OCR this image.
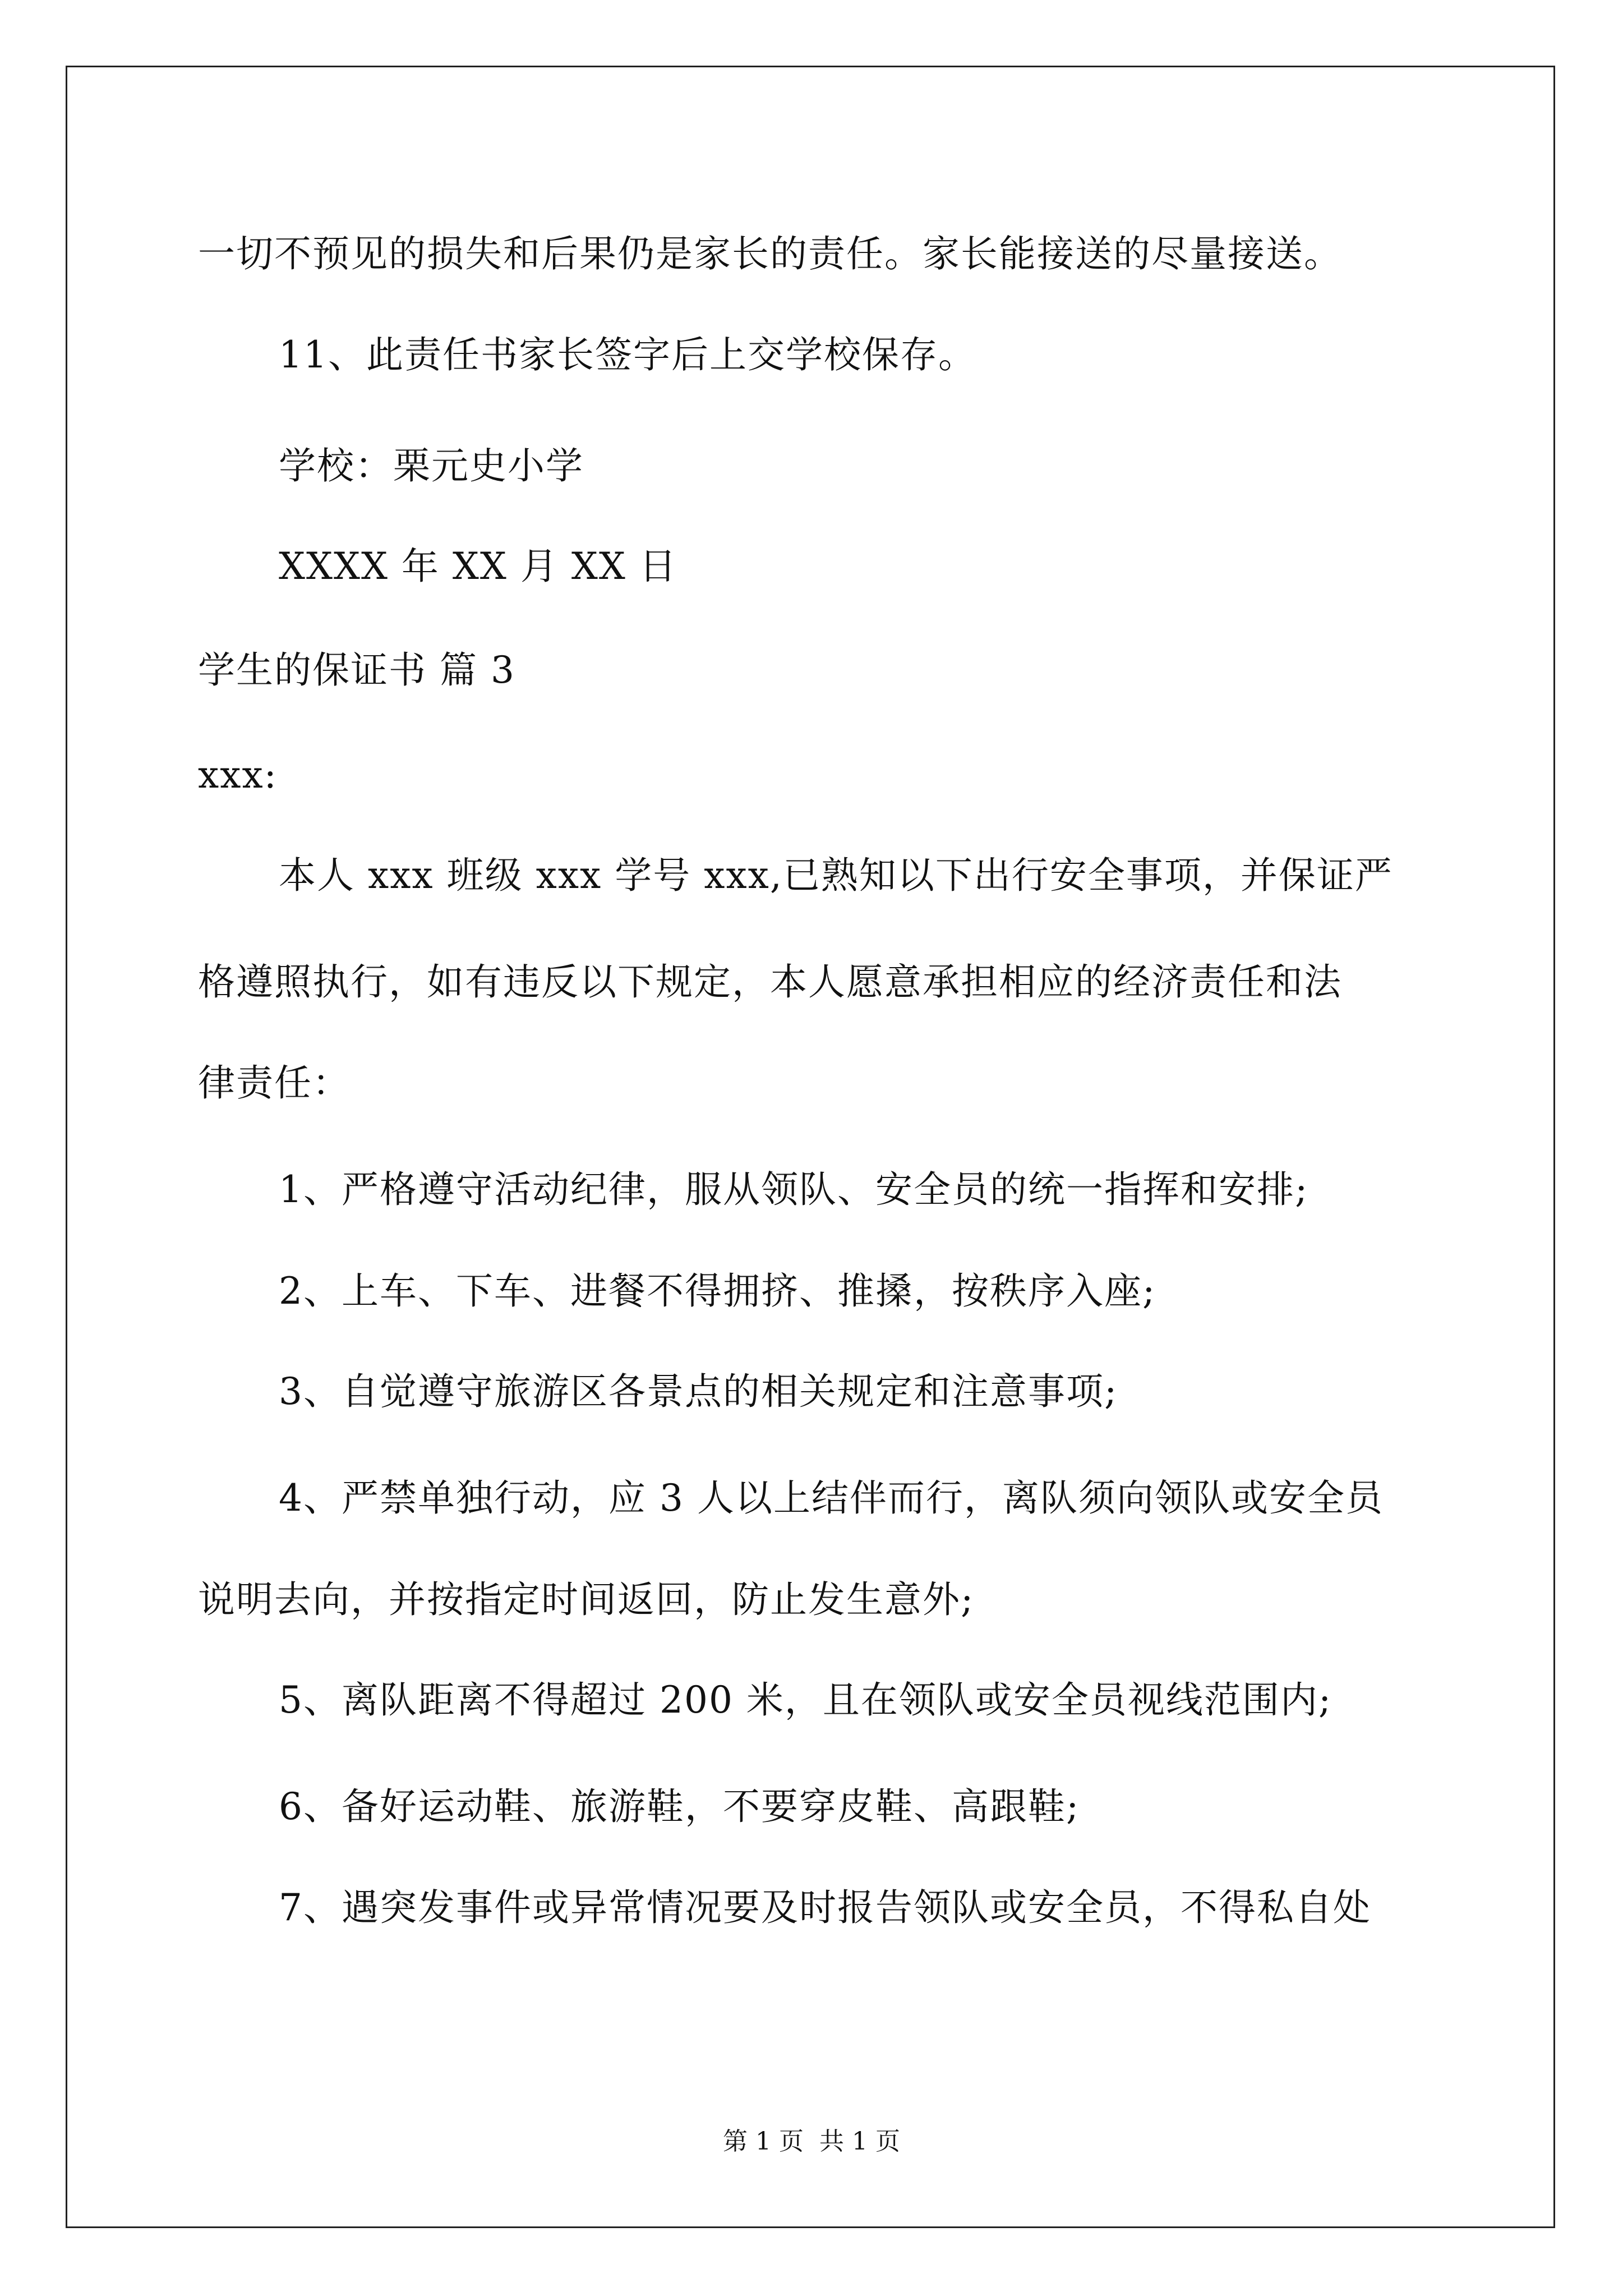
一切不预见的损失和后果仍是家长的责任。家长能接送的尽量接送。
11、此责任书家长签字后上交学校保存。
学校：栗元史小学
XXXX 年 XX 月 XX 日
学生的保证书 篇 3
xxx:
本人 xxx 班级 xxx 学号 xxx,已熟知以下出行安全事项，并保证严
格遵照执行，如有违反以下规定，本人愿意承担相应的经济责任和法
律责任：
1、严格遵守活动纪律，服从领队、安全员的统一指挥和安排;
2、上车、下车、进餐不得拥挤、推搡，按秩序入座;
3、自觉遵守旅游区各景点的相关规定和注意事项;
4、严禁单独行动，应 3 人以上结伴而行，离队须向领队或安全员
说明去向，并按指定时间返回，防止发生意外;
5、离队距离不得超过 200 米，且在领队或安全员视线范围内;
6、备好运动鞋、旅游鞋，不要穿皮鞋、高跟鞋;
7、遇突发事件或异常情况要及时报告领队或安全员，不得私自处
第 1 页 共 1 页
